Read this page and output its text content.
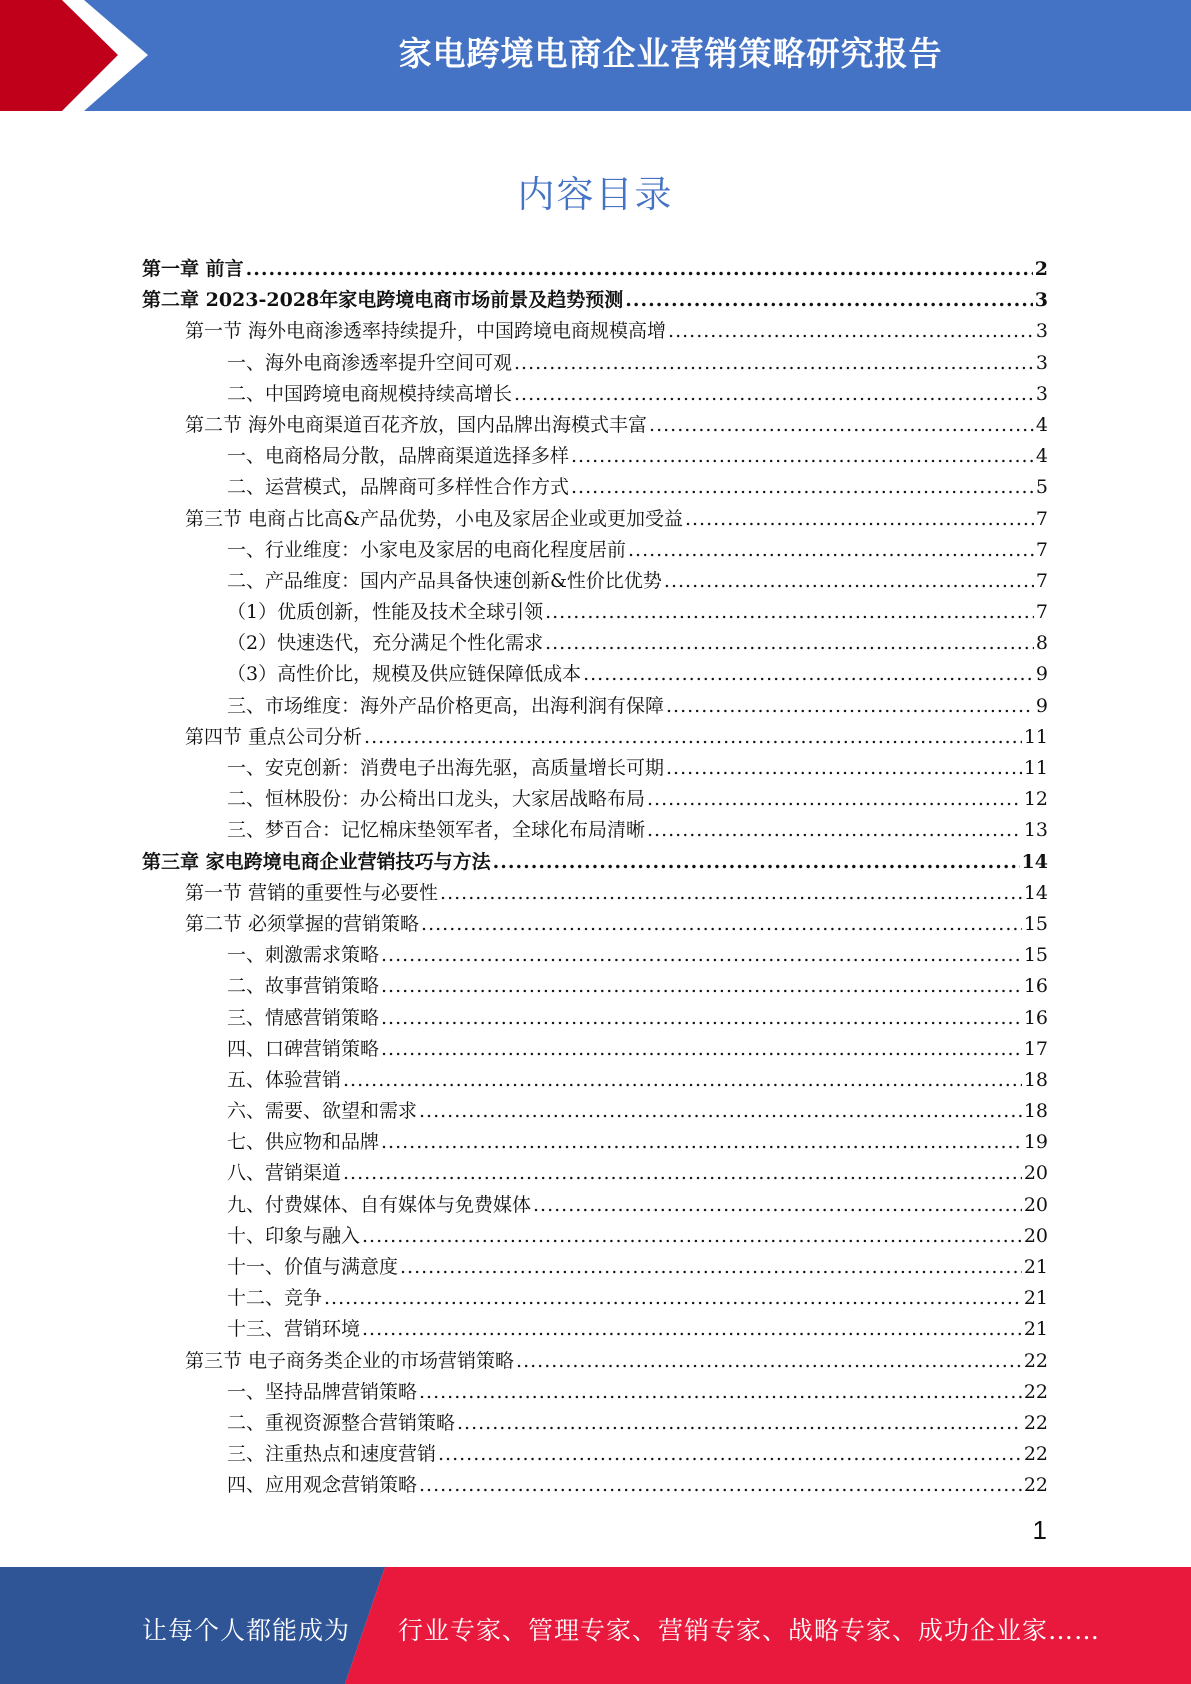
家电跨境电商企业营销策略研究报告
内容目录
第一章 前言 .....	2
第二章 2023-2028年家电跨境电商市场前景及趋势预测 .....	3
第一节 海外电商渗透率持续提升，中国跨境电商规模高增 .....	3
一、海外电商渗透率提升空间可观 .....	3
二、中国跨境电商规模持续高增长 .....	3
第二节 海外电商渠道百花齐放，国内品牌出海模式丰富 .....	4
一、电商格局分散，品牌商渠道选择多样 .....	4
二、运营模式，品牌商可多样性合作方式 .....	5
第三节 电商占比高&产品优势，小电及家居企业或更加受益 .....	7
一、行业维度：小家电及家居的电商化程度居前 .....	7
二、产品维度：国内产品具备快速创新&性价比优势 .....	7
（1）优质创新，性能及技术全球引领 .....	7
（2）快速迭代，充分满足个性化需求 .....	8
（3）高性价比，规模及供应链保障低成本 .....	9
三、市场维度：海外产品价格更高，出海利润有保障 .....	9
第四节 重点公司分析 .....	11
一、安克创新：消费电子出海先驱，高质量增长可期 .....	11
二、恒林股份：办公椅出口龙头，大家居战略布局 .....	12
三、梦百合：记忆棉床垫领军者，全球化布局清晰 .....	13
第三章 家电跨境电商企业营销技巧与方法 .....	14
第一节 营销的重要性与必要性 .....	14
第二节 必须掌握的营销策略 .....	15
一、刺激需求策略 .....	15
二、故事营销策略 .....	16
三、情感营销策略 .....	16
四、口碑营销策略 .....	17
五、体验营销 .....	18
六、需要、欲望和需求 .....	18
七、供应物和品牌 .....	19
八、营销渠道 .....	20
九、付费媒体、自有媒体与免费媒体 .....	20
十、印象与融入 .....	20
十一、价值与满意度 .....	21
十二、竞争 .....	21
十三、营销环境 .....	21
第三节 电子商务类企业的市场营销策略 .....	22
一、坚持品牌营销策略 .....	22
二、重视资源整合营销策略 .....	22
三、注重热点和速度营销 .....	22
四、应用观念营销策略 .....	22
1
让每个人都能成为 行业专家、管理专家、营销专家、战略专家、成功企业家……
